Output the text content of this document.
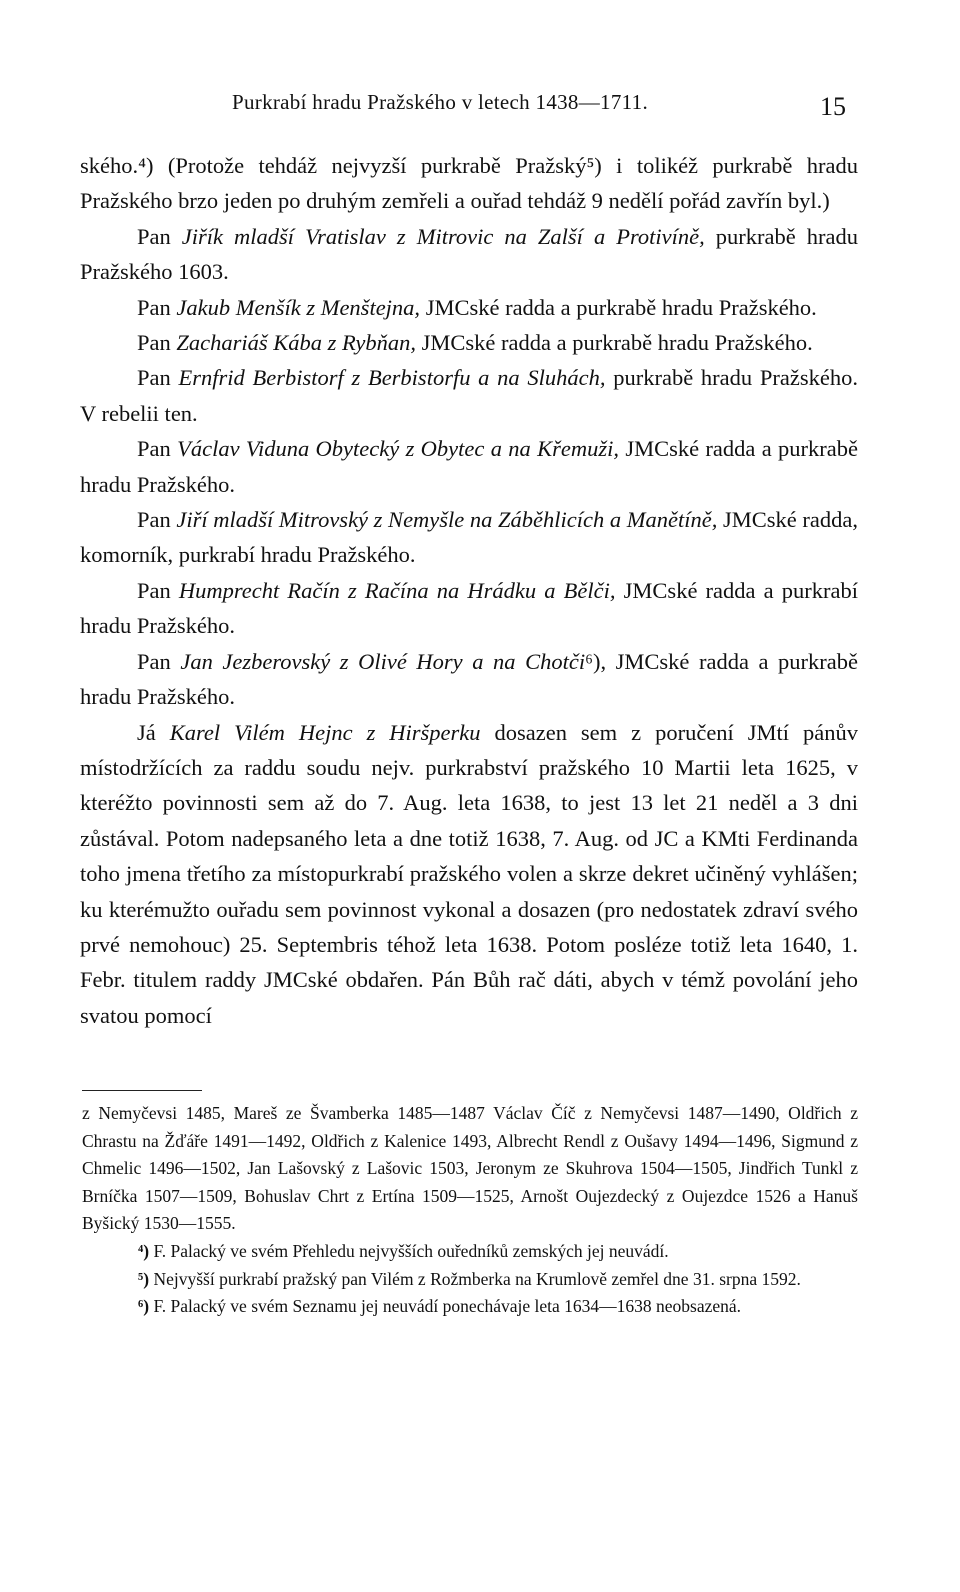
Purkrabí hradu Pražského v letech 1438—1711.	15

ského.⁴) (Protože tehdáž nejvyzší purkrabě Pražský⁵) i tolikéž purkrabě hradu Pražského brzo jeden po druhým zemřeli a ouřad tehdáž 9 nedělí pořád zavřín byl.)

Pan Jiřík mladší Vratislav z Mitrovic na Zalší a Protivíně, purkrabě hradu Pražského 1603.

Pan Jakub Menšík z Menštejna, JMCské radda a purkrabě hradu Pražského.

Pan Zachariáš Kába z Rybňan, JMCské radda a purkrabě hradu Pražského.

Pan Ernfrid Berbistorf z Berbistorfu a na Sluhách, purkrabě hradu Pražského. V rebelii ten.

Pan Václav Viduna Obytecký z Obytec a na Křemuži, JMCské radda a purkrabě hradu Pražského.

Pan Jiří mladší Mitrovský z Nemyšle na Záběhlicích a Manětíně, JMCské radda, komorník, purkrabí hradu Pražského.

Pan Humprecht Račín z Račína na Hrádku a Bělči, JMCské radda a purkrabí hradu Pražského.

Pan Jan Jezberovský z Olivé Hory a na Chotči⁶), JMCské radda a purkrabě hradu Pražského.

Já Karel Vilém Hejnc z Hiršperku dosazen sem z poručení JMtí pánův místodržících za raddu soudu nejv. purkrabství pražského 10 Martii leta 1625, v kteréžto povinnosti sem až do 7. Aug. leta 1638, to jest 13 let 21 neděl a 3 dni zůstával. Potom nadepsaného leta a dne totiž 1638, 7. Aug. od JC a KMti Ferdinanda toho jmena třetího za místopurkrabí pražského volen a skrze dekret učiněný vyhlášen; ku kterémužto ouřadu sem povinnost vykonal a dosazen (pro nedostatek zdraví svého prvé nemohouc) 25. Septembris téhož leta 1638. Potom posléze totiž leta 1640, 1. Febr. titulem raddy JMCské obdařen. Pán Bůh rač dáti, abych v témž povolání jeho svatou pomocí

z Nemyčevsi 1485, Mareš ze Švamberka 1485—1487 Václav Číč z Nemyčevsi 1487—1490, Oldřich z Chrastu na Žďáře 1491—1492, Oldřich z Kalenice 1493, Albrecht Rendl z Oušavy 1494—1496, Sigmund z Chmelic 1496—1502, Jan Lašovský z Lašovic 1503, Jeronym ze Skuhrova 1504—1505, Jindřich Tunkl z Brníčka 1507—1509, Bohuslav Chrt z Ertína 1509—1525, Arnošt Oujezdecký z Oujezdce 1526 a Hanuš Byšický 1530—1555.

⁴) F. Palacký ve svém Přehledu nejvyšších ouředníků zemských jej neuvádí.

⁵) Nejvyšší purkrabí pražský pan Vilém z Rožmberka na Krumlově zemřel dne 31. srpna 1592.

⁶) F. Palacký ve svém Seznamu jej neuvádí ponechávaje leta 1634—1638 neobsazená.
